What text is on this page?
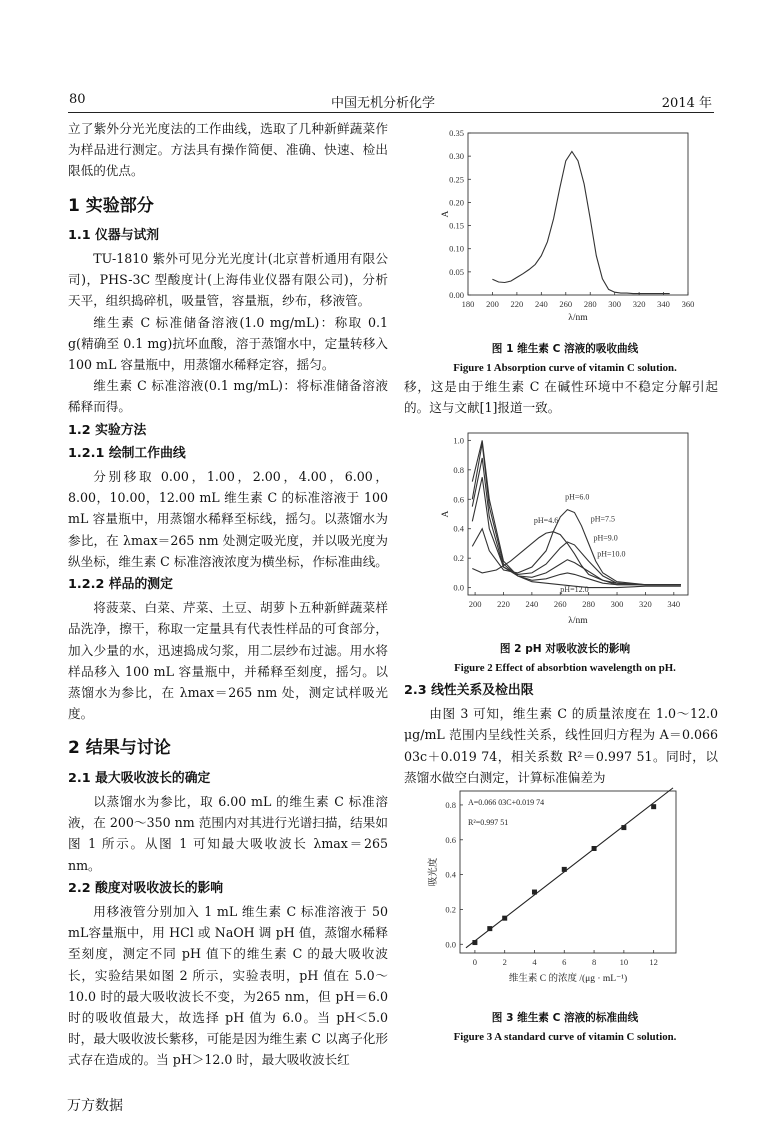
80	中国无机分析化学	2014 年

立了紫外分光光度法的工作曲线，选取了几种新鲜蔬菜作为样品进行测定。方法具有操作简便、准确、快速、检出限低的优点。

1 实验部分
1.1 仪器与试剂

TU-1810 紫外可见分光光度计(北京普析通用有限公司)，PHS-3C 型酸度计(上海伟业仪器有限公司)，分析天平，组织捣碎机，吸量管，容量瓶，纱布，移液管。

维生素 C 标准储备溶液(1.0 mg/mL)：称取 0.1 g(精确至 0.1 mg)抗坏血酸，溶于蒸馏水中，定量转移入 100 mL 容量瓶中，用蒸馏水稀释定容，摇匀。

维生素 C 标准溶液(0.1 mg/mL)：将标准储备溶液稀释而得。

1.2 实验方法
1.2.1 绘制工作曲线

分别移取 0.00，1.00，2.00，4.00，6.00，8.00，10.00，12.00 mL 维生素 C 的标准溶液于 100 mL 容量瓶中，用蒸馏水稀释至标线，摇匀。以蒸馏水为参比，在 λmax＝265 nm 处测定吸光度，并以吸光度为纵坐标，维生素 C 标准溶液浓度为横坐标，作标准曲线。

1.2.2 样品的测定

将菠菜、白菜、芹菜、土豆、胡萝卜五种新鲜蔬菜样品洗净，擦干，称取一定量具有代表性样品的可食部分，加入少量的水，迅速捣成匀浆，用二层纱布过滤。用水将样品移入 100 mL 容量瓶中，并稀释至刻度，摇匀。以蒸馏水为参比，在 λmax＝265 nm 处，测定试样吸光度。

2 结果与讨论
2.1 最大吸收波长的确定

以蒸馏水为参比，取 6.00 mL 的维生素 C 标准溶液，在 200～350 nm 范围内对其进行光谱扫描，结果如图 1 所示。从图 1 可知最大吸收波长 λmax＝265 nm。

2.2 酸度对吸收波长的影响

用移液管分别加入 1 mL 维生素 C 标准溶液于 50 mL容量瓶中，用 HCl 或 NaOH 调 pH 值，蒸馏水稀释至刻度，测定不同 pH 值下的维生素 C 的最大吸收波长，实验结果如图 2 所示，实验表明，pH 值在 5.0～10.0 时的最大吸收波长不变，为265 nm，但 pH＝6.0 时的吸收值最大，故选择 pH 值为 6.0。当 pH＜5.0 时，最大吸收波长紫移，可能是因为维生素 C 以离子化形式存在造成的。当 pH＞12.0 时，最大吸收波长红

180 200 220 240 260 280 300 320 340 360
0.00
0.05
0.10
0.15
0.20
0.25
0.30
0.35
λ/nm
A
图 1 维生素 C 溶液的吸收曲线
Figure 1 Absorption curve of vitamin C solution.

移，这是由于维生素 C 在碱性环境中不稳定分解引起的。这与文献[1]报道一致。

200 220 240 260 280 300 320 340
0.0
0.2
0.4
0.6
0.8
1.0
λ/nm
A
pH=4.6
pH=6.0
pH=7.5
pH=9.0
pH=10.0
pH=12.0
图 2 pH 对吸收波长的影响
Figure 2 Effect of absorbtion wavelength on pH.
2.3 线性关系及检出限

由图 3 可知，维生素 C 的质量浓度在 1.0～12.0 μg/mL 范围内呈线性关系，线性回归方程为 A＝0.066 03c＋0.019 74，相关系数 R²＝0.997 51。同时，以蒸馏水做空白测定，计算标准偏差为

0	2	4	6	8	10	12
0.0
0.2
0.4
0.6
0.8
维生素 C 的浓度 /(μg · mL⁻¹)
吸光度
A=0.066 03C+0.019 74
R²=0.997 51
图 3 维生素 C 溶液的标准曲线
Figure 3 A standard curve of vitamin C solution.
万方数据
